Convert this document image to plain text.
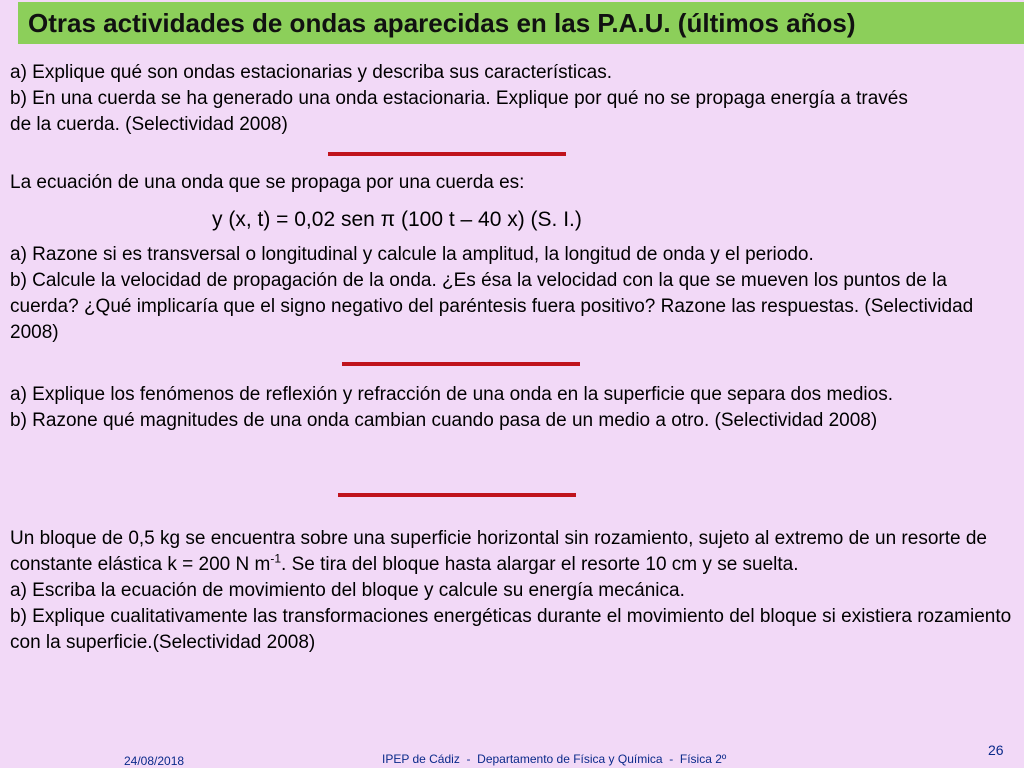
Otras actividades de ondas aparecidas en las P.A.U. (últimos años)

a) Explique qué son ondas estacionarias y describa sus características.

b) En una cuerda se ha generado una onda estacionaria. Explique por qué no se propaga energía a través de la cuerda. (Selectividad 2008)

La ecuación de una onda que se propaga por una cuerda es:

y (x, t) = 0,02 sen π (100 t – 40 x) (S. I.)

a) Razone si es transversal o longitudinal y calcule la amplitud, la longitud de onda y el periodo.

b) Calcule la velocidad de propagación de la onda. ¿Es ésa la velocidad con la que se mueven los puntos de la cuerda? ¿Qué implicaría que el signo negativo del paréntesis fuera positivo? Razone las respuestas. (Selectividad 2008)

a) Explique los fenómenos de reflexión y refracción de una onda en la superficie que separa dos medios.

b) Razone qué magnitudes de una onda cambian cuando pasa de un medio a otro. (Selectividad 2008)

Un bloque de 0,5 kg se encuentra sobre una superficie horizontal sin rozamiento, sujeto al extremo de un resorte de constante elástica k = 200 N $m^{-1}$. Se tira del bloque hasta alargar el resorte 10 cm y se suelta.

a) Escriba la ecuación de movimiento del bloque y calcule su energía mecánica.

b) Explique cualitativamente las transformaciones energéticas durante el movimiento del bloque si existiera rozamiento con la superficie.(Selectividad 2008)

24/08/2018	IPEP de Cádiz  -  Departamento de Física y Química  -  Física 2º
26
